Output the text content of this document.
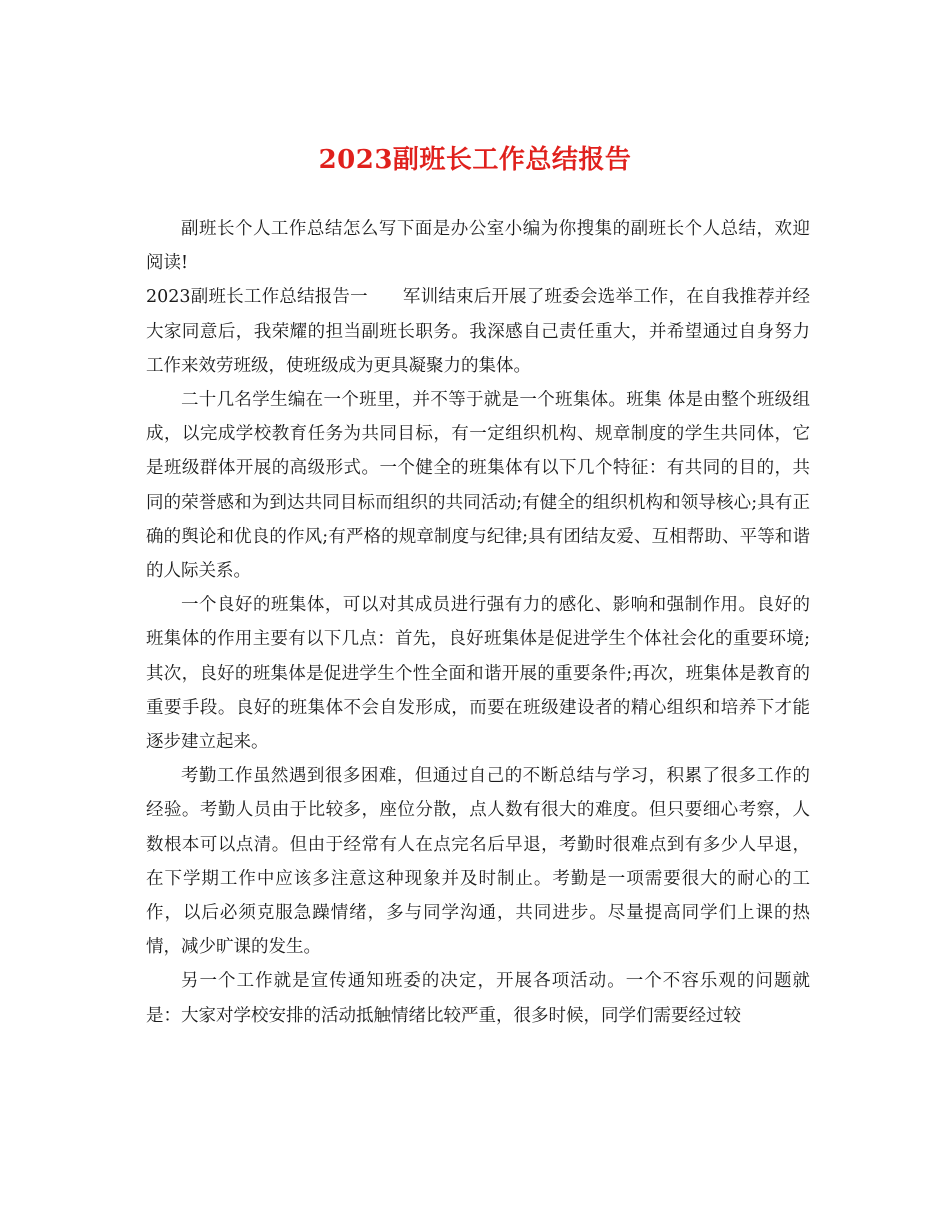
2023副班长工作总结报告

副班长个人工作总结怎么写下面是办公室小编为你搜集的副班长个人总结，欢迎阅读!

2023副班长工作总结报告一 军训结束后开展了班委会选举工作，在自我推荐并经大家同意后，我荣耀的担当副班长职务。我深感自己责任重大，并希望通过自身努力工作来效劳班级，使班级成为更具凝聚力的集体。

二十几名学生编在一个班里，并不等于就是一个班集体。班集 体是由整个班级组成，以完成学校教育任务为共同目标，有一定组织机构、规章制度的学生共同体，它是班级群体开展的高级形式。一个健全的班集体有以下几个特征：有共同的目的，共同的荣誉感和为到达共同目标而组织的共同活动;有健全的组织机构和领导核心;具有正确的舆论和优良的作风;有严格的规章制度与纪律;具有团结友爱、互相帮助、平等和谐的人际关系。

一个良好的班集体，可以对其成员进行强有力的感化、影响和强制作用。良好的班集体的作用主要有以下几点：首先，良好班集体是促进学生个体社会化的重要环境;其次，良好的班集体是促进学生个性全面和谐开展的重要条件;再次，班集体是教育的重要手段。良好的班集体不会自发形成，而要在班级建设者的精心组织和培养下才能逐步建立起来。

考勤工作虽然遇到很多困难，但通过自己的不断总结与学习，积累了很多工作的经验。考勤人员由于比较多，座位分散，点人数有很大的难度。但只要细心考察，人数根本可以点清。但由于经常有人在点完名后早退，考勤时很难点到有多少人早退，在下学期工作中应该多注意这种现象并及时制止。考勤是一项需要很大的耐心的工作，以后必须克服急躁情绪，多与同学沟通，共同进步。尽量提高同学们上课的热情，减少旷课的发生。

另一个工作就是宣传通知班委的决定，开展各项活动。一个不容乐观的问题就是：大家对学校安排的活动抵触情绪比较严重，很多时候，同学们需要经过较
